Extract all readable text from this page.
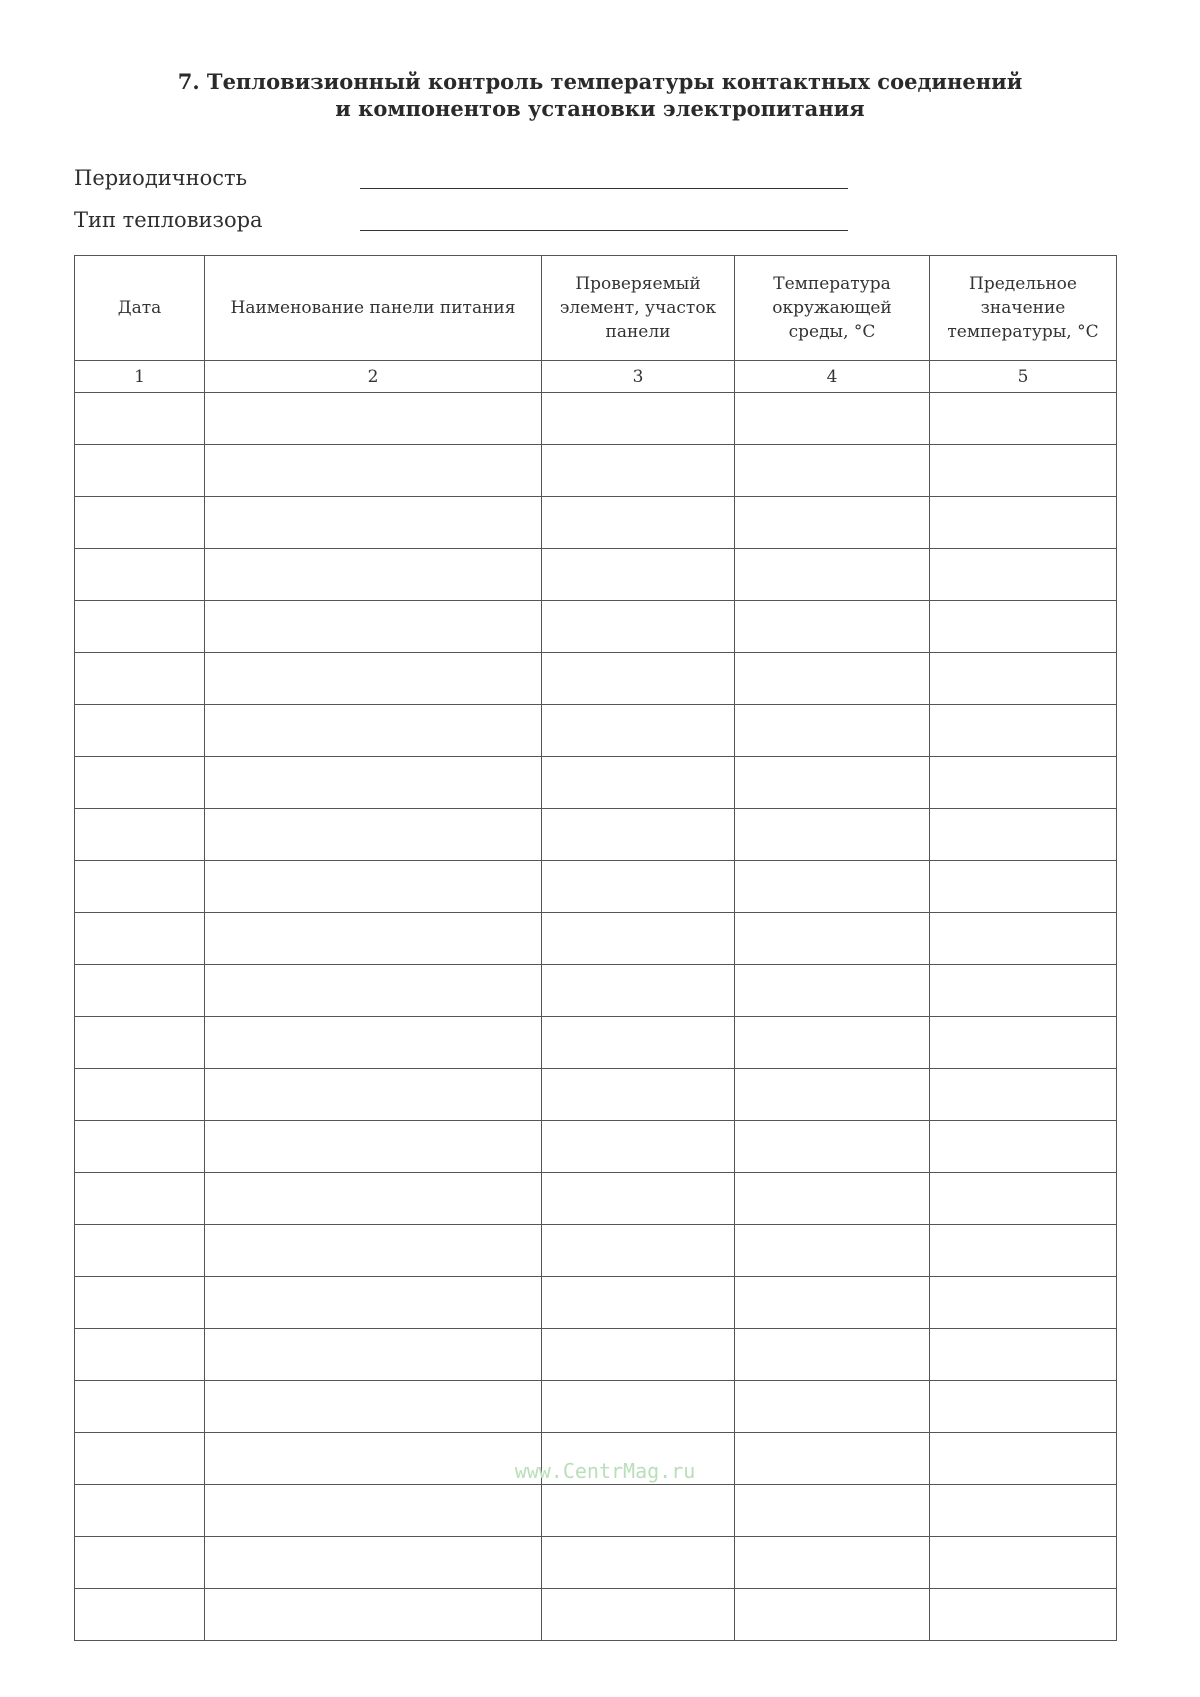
7. Тепловизионный контроль температуры контактных соединений
и компонентов установки электропитания
Периодичность
Тип тепловизора
Дата	Наименование панели питания	Проверяемый элемент, участок панели	Температура окружающей среды, °С	Предельное значение температуры, °С
1	2	3	4	5

www.CentrMag.ru
